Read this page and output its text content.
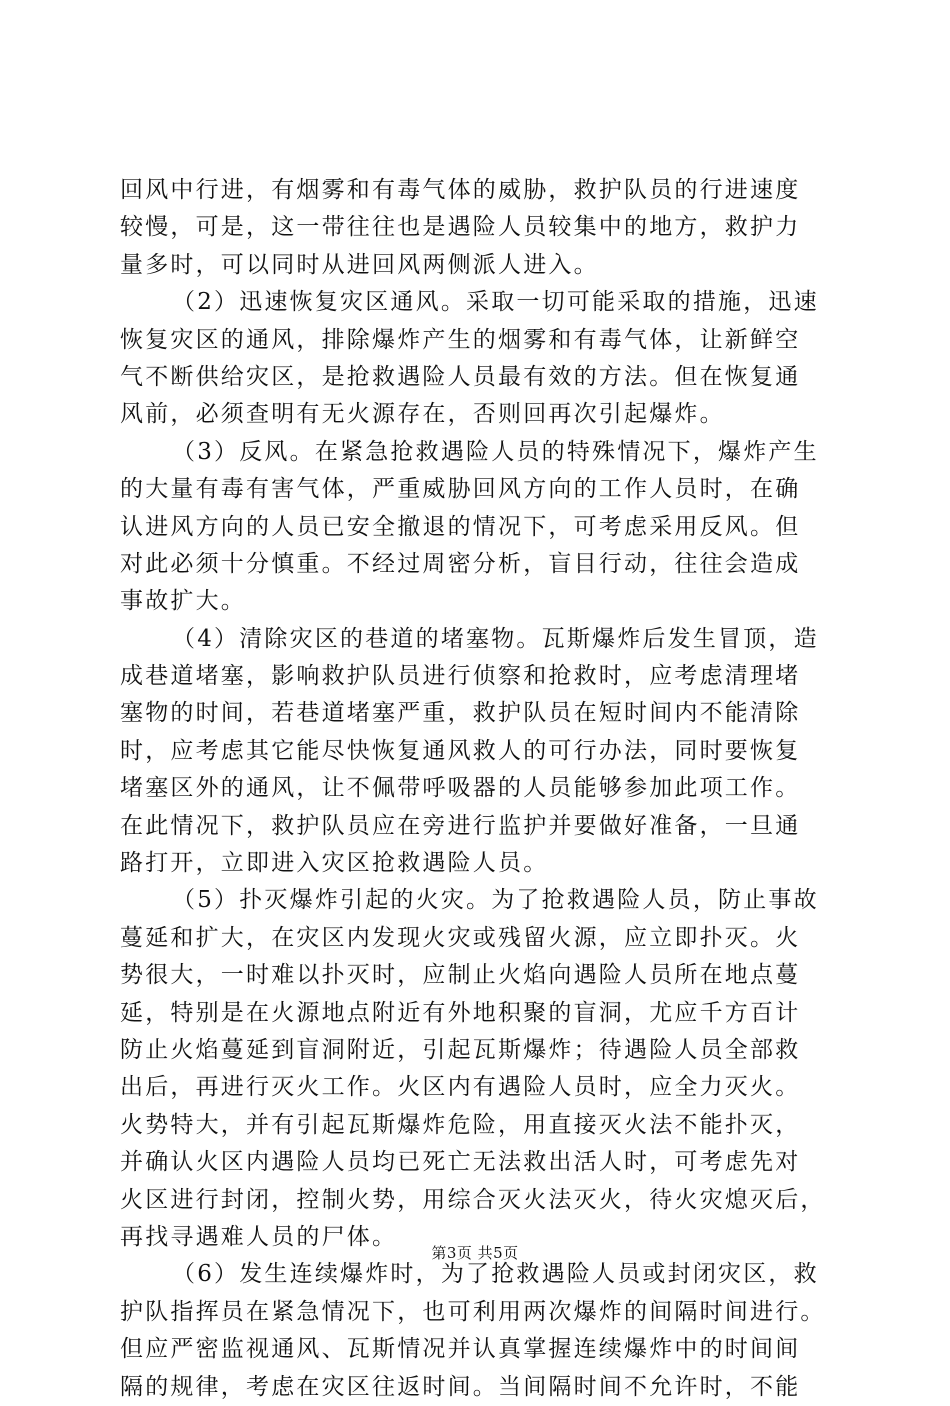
回风中行进，有烟雾和有毒气体的威胁，救护队员的行进速度
较慢，可是，这一带往往也是遇险人员较集中的地方，救护力
量多时，可以同时从进回风两侧派人进入。
（2）迅速恢复灾区通风。采取一切可能采取的措施，迅速
恢复灾区的通风，排除爆炸产生的烟雾和有毒气体，让新鲜空
气不断供给灾区，是抢救遇险人员最有效的方法。但在恢复通
风前，必须查明有无火源存在，否则回再次引起爆炸。
（3）反风。在紧急抢救遇险人员的特殊情况下，爆炸产生
的大量有毒有害气体，严重威胁回风方向的工作人员时，在确
认进风方向的人员已安全撤退的情况下，可考虑采用反风。但
对此必须十分慎重。不经过周密分析，盲目行动，往往会造成
事故扩大。
（4）清除灾区的巷道的堵塞物。瓦斯爆炸后发生冒顶，造
成巷道堵塞，影响救护队员进行侦察和抢救时，应考虑清理堵
塞物的时间，若巷道堵塞严重，救护队员在短时间内不能清除
时，应考虑其它能尽快恢复通风救人的可行办法，同时要恢复
堵塞区外的通风，让不佩带呼吸器的人员能够参加此项工作。
在此情况下，救护队员应在旁进行监护并要做好准备，一旦通
路打开，立即进入灾区抢救遇险人员。
（5）扑灭爆炸引起的火灾。为了抢救遇险人员，防止事故
蔓延和扩大，在灾区内发现火灾或残留火源，应立即扑灭。火
势很大，一时难以扑灭时，应制止火焰向遇险人员所在地点蔓
延，特别是在火源地点附近有外地积聚的盲洞，尤应千方百计
防止火焰蔓延到盲洞附近，引起瓦斯爆炸；待遇险人员全部救
出后，再进行灭火工作。火区内有遇险人员时，应全力灭火。
火势特大，并有引起瓦斯爆炸危险，用直接灭火法不能扑灭，
并确认火区内遇险人员均已死亡无法救出活人时，可考虑先对
火区进行封闭，控制火势，用综合灭火法灭火，待火灾熄灭后，
再找寻遇难人员的尸体。
（6）发生连续爆炸时，为了抢救遇险人员或封闭灾区，救
护队指挥员在紧急情况下，也可利用两次爆炸的间隔时间进行。
但应严密监视通风、瓦斯情况并认真掌握连续爆炸中的时间间
隔的规律，考虑在灾区往返时间。当间隔时间不允许时，不能
第3页 共5页
